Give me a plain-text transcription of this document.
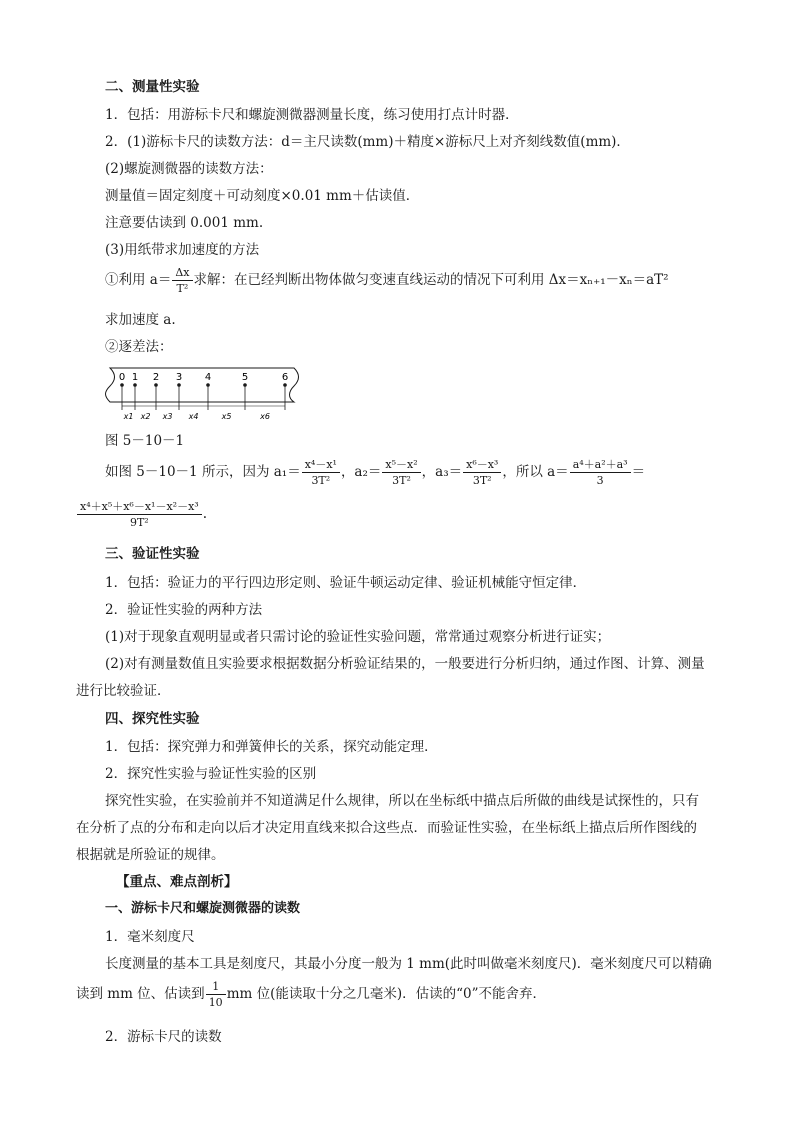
二、测量性实验
1．包括：用游标卡尺和螺旋测微器测量长度，练习使用打点计时器．
2．(1)游标卡尺的读数方法：d＝主尺读数(mm)＋精度×游标尺上对齐刻线数值(mm)．
(2)螺旋测微器的读数方法：
测量值＝固定刻度＋可动刻度×0.01 mm＋估读值．
注意要估读到 0.001 mm.
(3)用纸带求加速度的方法
①利用 $a= \frac{\Delta x}{\text{T²}}$ 求解：在已经判断出物体做匀变速直线运动的情况下可利用 Δx＝xₙ₊₁－xₙ＝aT²
求加速度 a.
②逐差法：
0 1 2 3 4	5	6
x1 x2 x3 x4	x5	x6
图 5－10－1
如图 5－10－1 所示，因为 $a_1= \frac{\text{x⁴－x¹}}{\text{3T²}}$ ，$a_2= \frac{\text{x⁵－x²}}{\text{3T²}}$ ，$a_3= \frac{\text{x⁶－x³}}{\text{3T²}}$ ，所以 $a= \frac{\text{a⁴＋a²＋a³}}{3}$ ＝
$\frac{\text{x⁴＋x⁵＋x⁶－x¹－x²－x³}}{\text{9T²}}$ .
三、验证性实验
1．包括：验证力的平行四边形定则、验证牛顿运动定律、验证机械能守恒定律．
2．验证性实验的两种方法
(1)对于现象直观明显或者只需讨论的验证性实验问题，常常通过观察分析进行证实；
(2)对有测量数值且实验要求根据数据分析验证结果的，一般要进行分析归纳，通过作图、计算、测量
进行比较验证．
四、探究性实验
1．包括：探究弹力和弹簧伸长的关系，探究动能定理．
2．探究性实验与验证性实验的区别
探究性实验，在实验前并不知道满足什么规律，所以在坐标纸中描点后所做的曲线是试探性的，只有
在分析了点的分布和走向以后才决定用直线来拟合这些点．而验证性实验，在坐标纸上描点后所作图线的
根据就是所验证的规律。
【重点、难点剖析】
一、游标卡尺和螺旋测微器的读数
1．毫米刻度尺
长度测量的基本工具是刻度尺，其最小分度一般为 1 mm(此时叫做毫米刻度尺)．毫米刻度尺可以精确
读到 mm 位、估读到 $\frac{1}{10}$ mm 位(能读取十分之几毫米)．估读的“0”不能舍弃．
2．游标卡尺的读数
